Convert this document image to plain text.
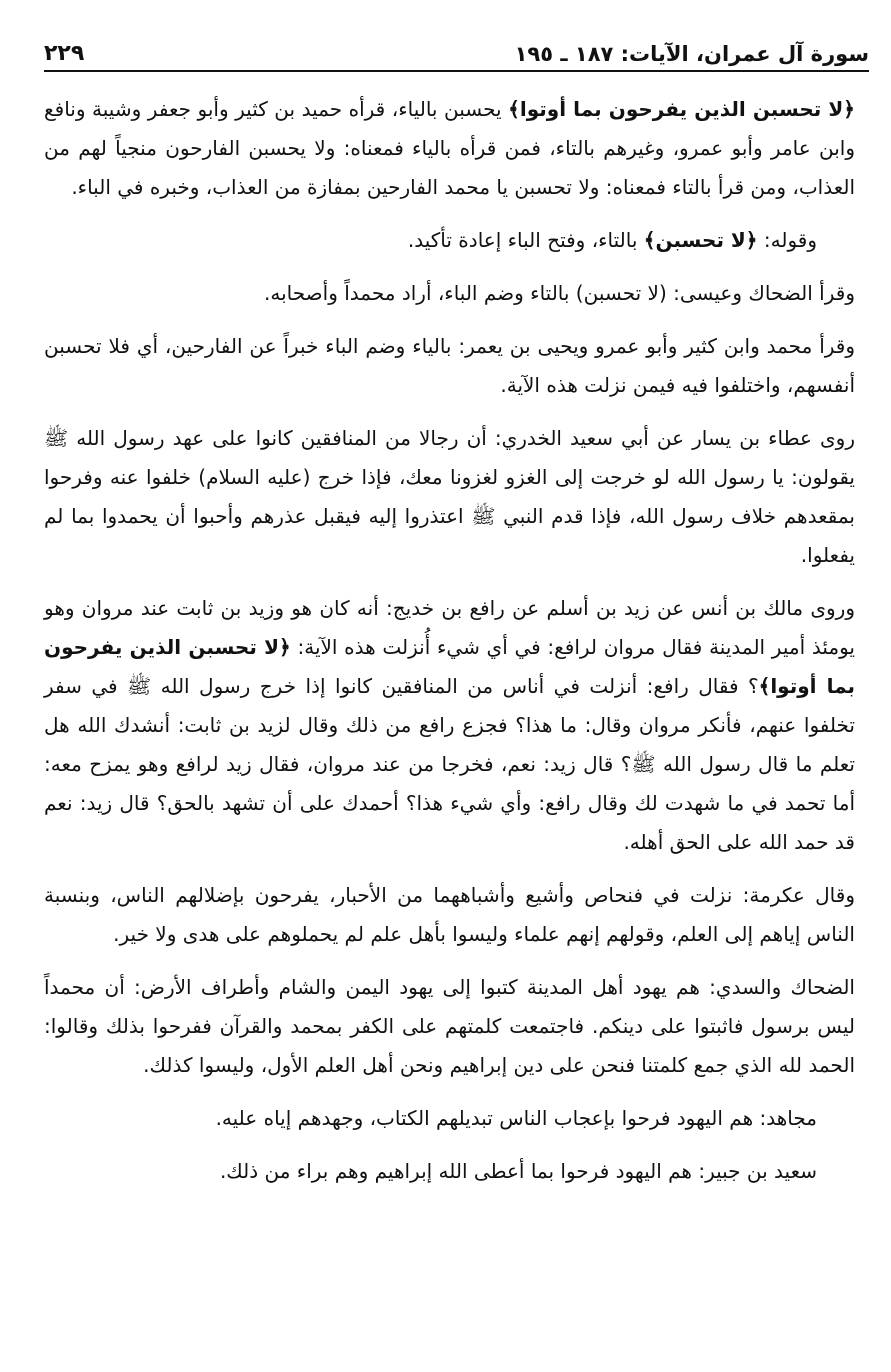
سورة آل عمران، الآيات: ١٨٧ ـ ١٩٥
٢٢٩

﴿لا تحسبن الذين يفرحون بما أوتوا﴾ يحسبن بالياء، قرأه حميد بن كثير وأبو جعفر وشيبة ونافع وابن عامر وأبو عمرو، وغيرهم بالتاء، فمن قرأه بالياء فمعناه: ولا يحسبن الفارحون منجياً لهم من العذاب، ومن قرأ بالتاء فمعناه: ولا تحسبن يا محمد الفارحين بمفازة من العذاب، وخبره في الباء.

وقوله: ﴿لا تحسبن﴾ بالتاء، وفتح الباء إعادة تأكيد.

وقرأ الضحاك وعيسى: (لا تحسبن) بالتاء وضم الباء، أراد محمداً وأصحابه.

وقرأ محمد وابن كثير وأبو عمرو ويحيى بن يعمر: بالياء وضم الباء خبراً عن الفارحين، أي فلا تحسبن أنفسهم، واختلفوا فيه فيمن نزلت هذه الآية.

روى عطاء بن يسار عن أبي سعيد الخدري: أن رجالا من المنافقين كانوا على عهد رسول الله ﷺ يقولون: يا رسول الله لو خرجت إلى الغزو لغزونا معك، فإذا خرج (عليه السلام) خلفوا عنه وفرحوا بمقعدهم خلاف رسول الله، فإذا قدم النبي ﷺ اعتذروا إليه فيقبل عذرهم وأحبوا أن يحمدوا بما لم يفعلوا.

وروى مالك بن أنس عن زيد بن أسلم عن رافع بن خديج: أنه كان هو وزيد بن ثابت عند مروان وهو يومئذ أمير المدينة فقال مروان لرافع: في أي شيء أُنزلت هذه الآية: ﴿لا تحسبن الذين يفرحون بما أوتوا﴾؟ فقال رافع: أنزلت في أناس من المنافقين كانوا إذا خرج رسول الله ﷺ في سفر تخلفوا عنهم، فأنكر مروان وقال: ما هذا؟ فجزع رافع من ذلك وقال لزيد بن ثابت: أنشدك الله هل تعلم ما قال رسول الله ﷺ؟ قال زيد: نعم، فخرجا من عند مروان، فقال زيد لرافع وهو يمزح معه: أما تحمد في ما شهدت لك وقال رافع: وأي شيء هذا؟ أحمدك على أن تشهد بالحق؟ قال زيد: نعم قد حمد الله على الحق أهله.

وقال عكرمة: نزلت في فنحاص وأشيع وأشباههما من الأحبار، يفرحون بإضلالهم الناس، وبنسبة الناس إياهم إلى العلم، وقولهم إنهم علماء وليسوا بأهل علم لم يحملوهم على هدى ولا خير.

الضحاك والسدي: هم يهود أهل المدينة كتبوا إلى يهود اليمن والشام وأطراف الأرض: أن محمداً ليس برسول فاثبتوا على دينكم. فاجتمعت كلمتهم على الكفر بمحمد والقرآن ففرحوا بذلك وقالوا: الحمد لله الذي جمع كلمتنا فنحن على دين إبراهيم ونحن أهل العلم الأول، وليسوا كذلك.

مجاهد: هم اليهود فرحوا بإعجاب الناس تبديلهم الكتاب، وجهدهم إياه عليه.

سعيد بن جبير: هم اليهود فرحوا بما أعطى الله إبراهيم وهم براء من ذلك.
